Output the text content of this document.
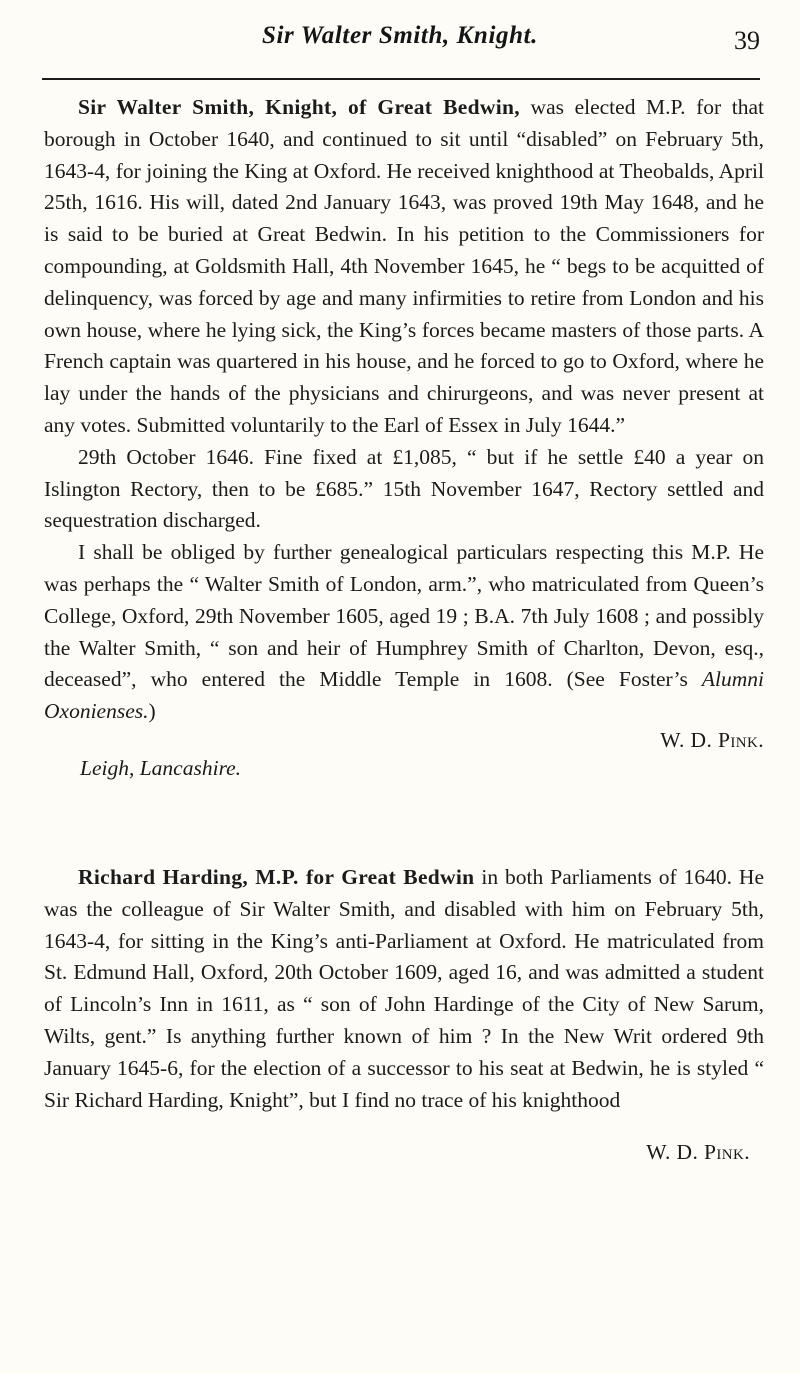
Sir Walter Smith, Knight.	39

Sir Walter Smith, Knight, of Great Bedwin, was elected M.P. for that borough in October 1640, and continued to sit until “disabled” on February 5th, 1643-4, for joining the King at Oxford. He received knighthood at Theobalds, April 25th, 1616. His will, dated 2nd January 1643, was proved 19th May 1648, and he is said to be buried at Great Bedwin. In his petition to the Commissioners for compounding, at Goldsmith Hall, 4th November 1645, he “ begs to be acquitted of delinquency, was forced by age and many infirmities to retire from London and his own house, where he lying sick, the King’s forces became masters of those parts. A French captain was quartered in his house, and he forced to go to Oxford, where he lay under the hands of the physicians and chirurgeons, and was never present at any votes. Submitted voluntarily to the Earl of Essex in July 1644.”

29th October 1646. Fine fixed at £1,085, “ but if he settle £40 a year on Islington Rectory, then to be £685.” 15th November 1647, Rectory settled and sequestration discharged.

I shall be obliged by further genealogical particulars respecting this M.P. He was perhaps the “ Walter Smith of London, arm.”, who matriculated from Queen’s College, Oxford, 29th November 1605, aged 19 ; B.A. 7th July 1608 ; and possibly the Walter Smith, “ son and heir of Humphrey Smith of Charlton, Devon, esq., deceased”, who entered the Middle Temple in 1608. (See Foster’s Alumni Oxonienses.)

W. D. Pink.
Leigh, Lancashire.

Richard Harding, M.P. for Great Bedwin in both Parliaments of 1640. He was the colleague of Sir Walter Smith, and disabled with him on February 5th, 1643-4, for sitting in the King’s anti-Parliament at Oxford. He matriculated from St. Edmund Hall, Oxford, 20th October 1609, aged 16, and was admitted a student of Lincoln’s Inn in 1611, as “ son of John Hardinge of the City of New Sarum, Wilts, gent.” Is anything further known of him ? In the New Writ ordered 9th January 1645-6, for the election of a successor to his seat at Bedwin, he is styled “ Sir Richard Harding, Knight”, but I find no trace of his knighthood

W. D. Pink.
